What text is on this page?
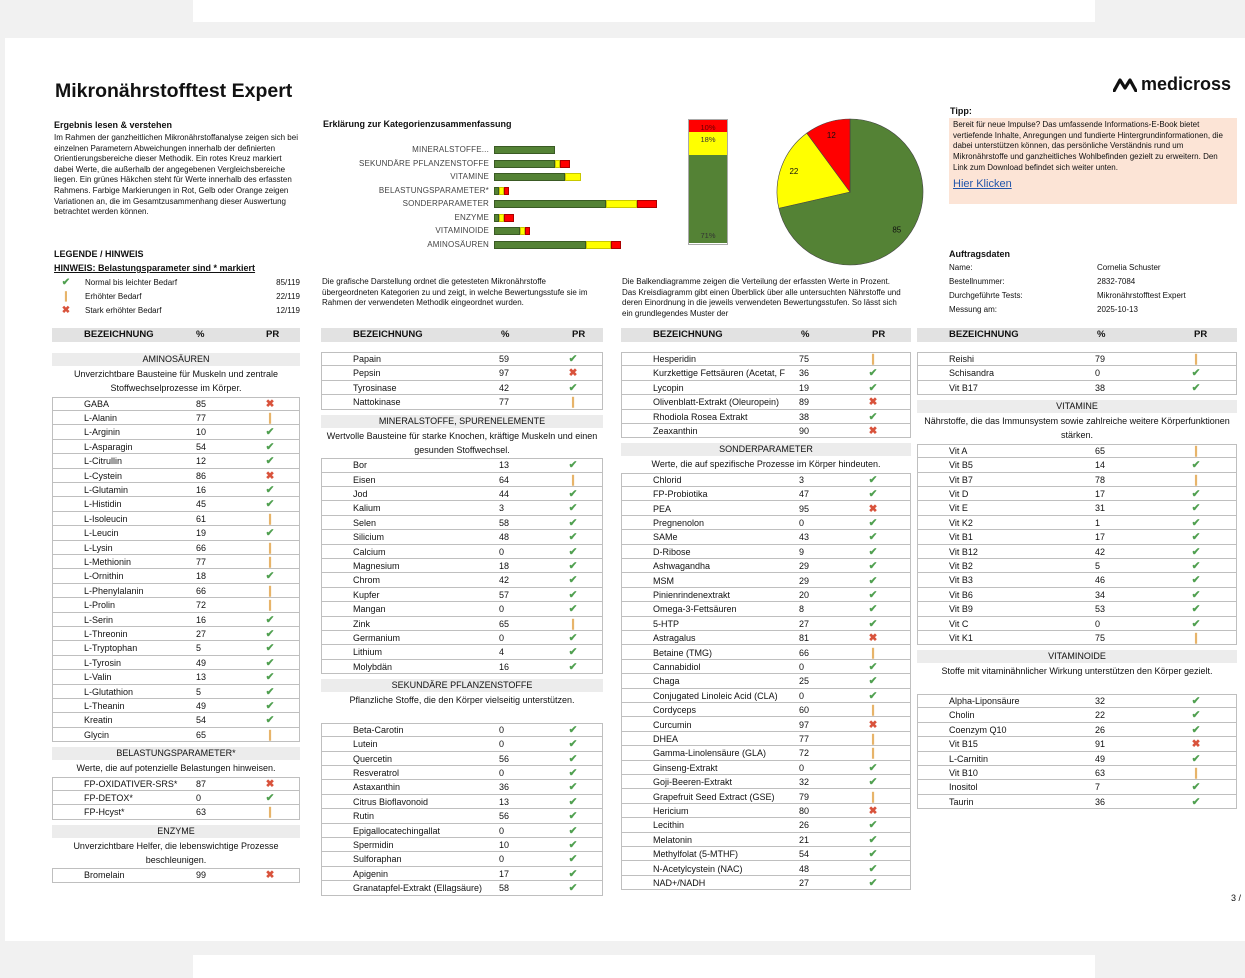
Mikronährstofftest Expert	medicross
Ergebnis lesen & verstehen
Im Rahmen der ganzheitlichen Mikronährstoffanalyse zeigen sich bei einzelnen Parametern Abweichungen innerhalb der definierten Orientierungsbereiche dieser Methodik. Ein rotes Kreuz markiert dabei Werte, die außerhalb der angegebenen Vergleichsbereiche liegen. Ein grünes Häkchen steht für Werte innerhalb des erfassten Rahmens. Farbige Markierungen in Rot, Gelb oder Orange zeigen Variationen an, die im Gesamtzusammenhang dieser Auswertung betrachtet werden können.
LEGENDE / HINWEIS
HINWEIS: Belastungsparameter sind * markiert
✔	Normal bis leichter Bedarf	85/119
❙	Erhöhter Bedarf	22/119
✖	Stark erhöhter Bedarf	12/119
Erklärung zur Kategorienzusammenfassung
MINERALSTOFFE...
SEKUNDÄRE PFLANZENSTOFFE
VITAMINE
BELASTUNGSPARAMETER*
SONDERPARAMETER
ENZYME
VITAMINOIDE
AMINOSÄUREN
Die grafische Darstellung ordnet die getesteten Mikronährstoffe übergeordneten Kategorien zu und zeigt, in welche Bewertungsstufe sie im Rahmen der verwendeten Methodik eingeordnet wurden.
10%
18%
71%
85
22
12
Die Balkendiagramme zeigen die Verteilung der erfassten Werte in Prozent. Das Kreisdiagramm gibt einen Überblick über alle untersuchten Nährstoffe und deren Einordnung in die jeweils verwendeten Bewertungsstufen. So lässt sich ein grundlegendes Muster der
Tipp:
Bereit für neue Impulse? Das umfassende Informations-E-Book bietet vertiefende Inhalte, Anregungen und fundierte Hintergrundinformationen, die dabei unterstützen können, das persönliche Verständnis rund um Mikronährstoffe und ganzheitliches Wohlbefinden gezielt zu erweitern. Den Link zum Download befindet sich weiter unten.
Hier Klicken
Auftragsdaten
Name:	Cornelia Schuster
Bestellnummer:	2832-7084
Durchgeführte Tests:	Mikronährstofftest Expert
Messung am:	2025-10-13
BEZEICHNUNG	%	PR
AMINOSÄUREN
Unverzichtbare Bausteine für Muskeln und zentrale Stoffwechselprozesse im Körper.
GABA	85	✖
L-Alanin	77	❙
L-Arginin	10	✔
L-Asparagin	54	✔
L-Citrullin	12	✔
L-Cystein	86	✖
L-Glutamin	16	✔
L-Histidin	45	✔
L-Isoleucin	61	❙
L-Leucin	19	✔
L-Lysin	66	❙
L-Methionin	77	❙
L-Ornithin	18	✔
L-Phenylalanin	66	❙
L-Prolin	72	❙
L-Serin	16	✔
L-Threonin	27	✔
L-Tryptophan	5	✔
L-Tyrosin	49	✔
L-Valin	13	✔
L-Glutathion	5	✔
L-Theanin	49	✔
Kreatin	54	✔
Glycin	65	❙
BELASTUNGSPARAMETER*
Werte, die auf potenzielle Belastungen hinweisen.
FP-OXIDATIVER-SRS*	87	✖
FP-DETOX*	0	✔
FP-Hcyst*	63	❙
ENZYME
Unverzichtbare Helfer, die lebenswichtige Prozesse beschleunigen.
Bromelain	99	✖
BEZEICHNUNG	%	PR
Papain	59	✔
Pepsin	97	✖
Tyrosinase	42	✔
Nattokinase	77	❙
MINERALSTOFFE, SPURENELEMENTE
Wertvolle Bausteine für starke Knochen, kräftige Muskeln und einen gesunden Stoffwechsel.
Bor	13	✔
Eisen	64	❙
Jod	44	✔
Kalium	3	✔
Selen	58	✔
Silicium	48	✔
Calcium	0	✔
Magnesium	18	✔
Chrom	42	✔
Kupfer	57	✔
Mangan	0	✔
Zink	65	❙
Germanium	0	✔
Lithium	4	✔
Molybdän	16	✔
SEKUNDÄRE PFLANZENSTOFFE
Pflanzliche Stoffe, die den Körper vielseitig unterstützen.
Beta-Carotin	0	✔
Lutein	0	✔
Quercetin	56	✔
Resveratrol	0	✔
Astaxanthin	36	✔
Citrus Bioflavonoid	13	✔
Rutin	56	✔
Epigallocatechingallat	0	✔
Spermidin	10	✔
Sulforaphan	0	✔
Apigenin	17	✔
Granatapfel-Extrakt (Ellagsäure)	58	✔
BEZEICHNUNG	%	PR
Hesperidin	75	❙
Kurzkettige Fettsäuren (Acetat, F	36	✔
Lycopin	19	✔
Olivenblatt-Extrakt (Oleuropein)	89	✖
Rhodiola Rosea Extrakt	38	✔
Zeaxanthin	90	✖
SONDERPARAMETER
Werte, die auf spezifische Prozesse im Körper hindeuten.
Chlorid	3	✔
FP-Probiotika	47	✔
PEA	95	✖
Pregnenolon	0	✔
SAMe	43	✔
D-Ribose	9	✔
Ashwagandha	29	✔
MSM	29	✔
Pinienrindenextrakt	20	✔
Omega-3-Fettsäuren	8	✔
5-HTP	27	✔
Astragalus	81	✖
Betaine (TMG)	66	❙
Cannabidiol	0	✔
Chaga	25	✔
Conjugated Linoleic Acid (CLA)	0	✔
Cordyceps	60	❙
Curcumin	97	✖
DHEA	77	❙
Gamma-Linolensäure (GLA)	72	❙
Ginseng-Extrakt	0	✔
Goji-Beeren-Extrakt	32	✔
Grapefruit Seed Extract (GSE)	79	❙
Hericium	80	✖
Lecithin	26	✔
Melatonin	21	✔
Methylfolat (5-MTHF)	54	✔
N-Acetylcystein (NAC)	48	✔
NAD+/NADH	27	✔
BEZEICHNUNG	%	PR
Reishi	79	❙
Schisandra	0	✔
Vit B17	38	✔
VITAMINE
Nährstoffe, die das Immunsystem sowie zahlreiche weitere Körperfunktionen stärken.
Vit A	65	❙
Vit B5	14	✔
Vit B7	78	❙
Vit D	17	✔
Vit E	31	✔
Vit K2	1	✔
Vit B1	17	✔
Vit B12	42	✔
Vit B2	5	✔
Vit B3	46	✔
Vit B6	34	✔
Vit B9	53	✔
Vit C	0	✔
Vit K1	75	❙
VITAMINOIDE
Stoffe mit vitaminähnlicher Wirkung unterstützen den Körper gezielt.
Alpha-Liponsäure	32	✔
Cholin	22	✔
Coenzym Q10	26	✔
Vit B15	91	✖
L-Carnitin	49	✔
Vit B10	63	❙
Inositol	7	✔
Taurin	36	✔
3 /
